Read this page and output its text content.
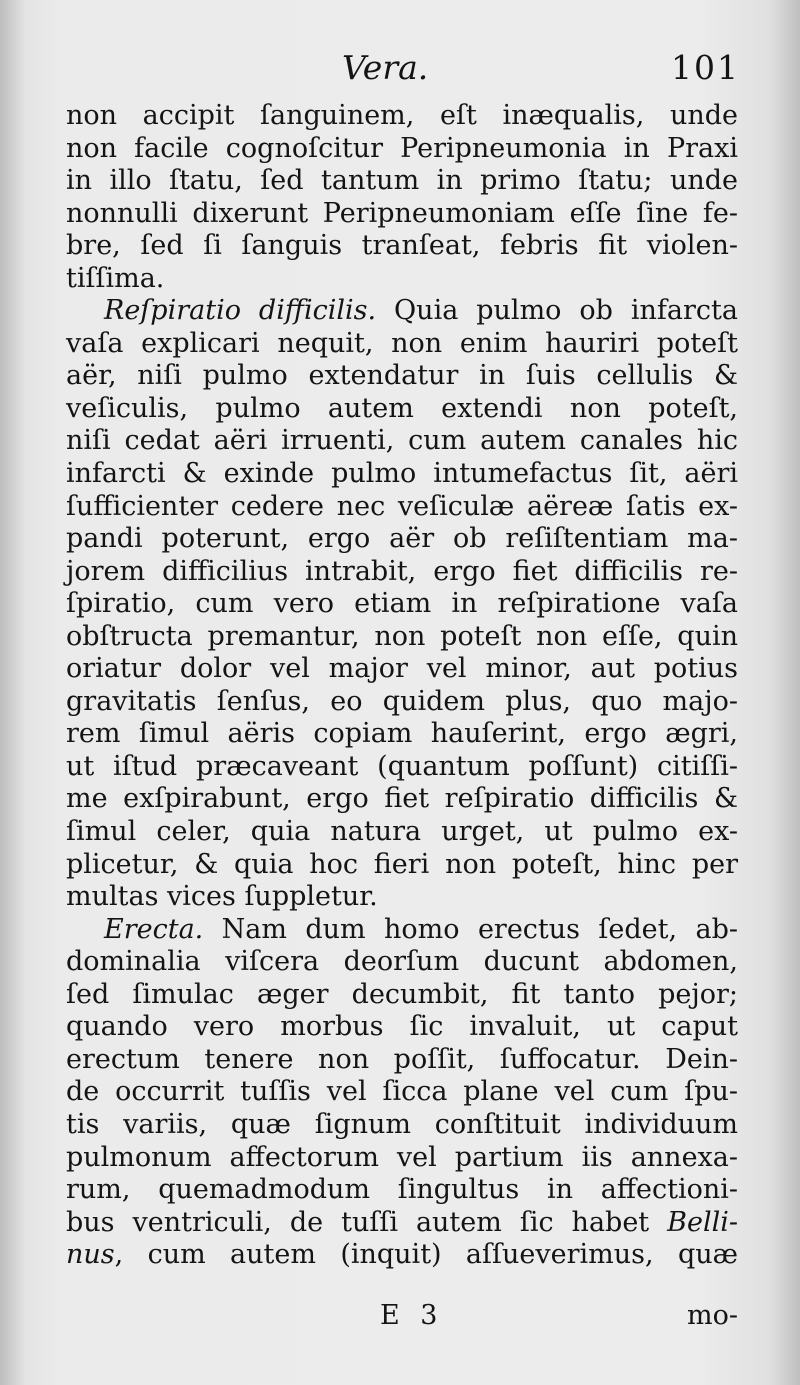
Vera.	101
non accipit ſanguinem, eſt inæqualis, unde
non facile cognoſcitur Peripneumonia in Praxi
in illo ſtatu, ſed tantum in primo ſtatu; unde
nonnulli dixerunt Peripneumoniam eſſe ſine fe-
bre, ſed ſi ſanguis tranſeat, febris fit violen-
tiſſima.
Reſpiratio difficilis. Quia pulmo ob infarcta
vaſa explicari nequit, non enim hauriri poteſt
aër, niſi pulmo extendatur in ſuis cellulis &
veſiculis, pulmo autem extendi non poteſt,
niſi cedat aëri irruenti, cum autem canales hic
infarcti & exinde pulmo intumefactus ſit, aëri
ſufficienter cedere nec veſiculæ aëreæ ſatis ex-
pandi poterunt, ergo aër ob reſiſtentiam ma-
jorem difficilius intrabit, ergo fiet difficilis re-
ſpiratio, cum vero etiam in reſpiratione vaſa
obſtructa premantur, non poteſt non eſſe, quin
oriatur dolor vel major vel minor, aut potius
gravitatis ſenſus, eo quidem plus, quo majo-
rem ſimul aëris copiam hauſerint, ergo ægri,
ut iſtud præcaveant (quantum poſſunt) citiſſi-
me exſpirabunt, ergo fiet reſpiratio difficilis &
ſimul celer, quia natura urget, ut pulmo ex-
plicetur, & quia hoc fieri non poteſt, hinc per
multas vices ſuppletur.
Erecta. Nam dum homo erectus ſedet, ab-
dominalia viſcera deorſum ducunt abdomen,
ſed ſimulac æger decumbit, fit tanto pejor;
quando vero morbus ſic invaluit, ut caput
erectum tenere non poſſit, ſuffocatur. Dein-
de occurrit tuſſis vel ſicca plane vel cum ſpu-
tis variis, quæ ſignum conſtituit individuum
pulmonum affectorum vel partium iis annexa-
rum, quemadmodum ſingultus in affectioni-
bus ventriculi, de tuſſi autem ſic habet Belli-
nus, cum autem (inquit) aſſueverimus, quæ
E 3	mo-
